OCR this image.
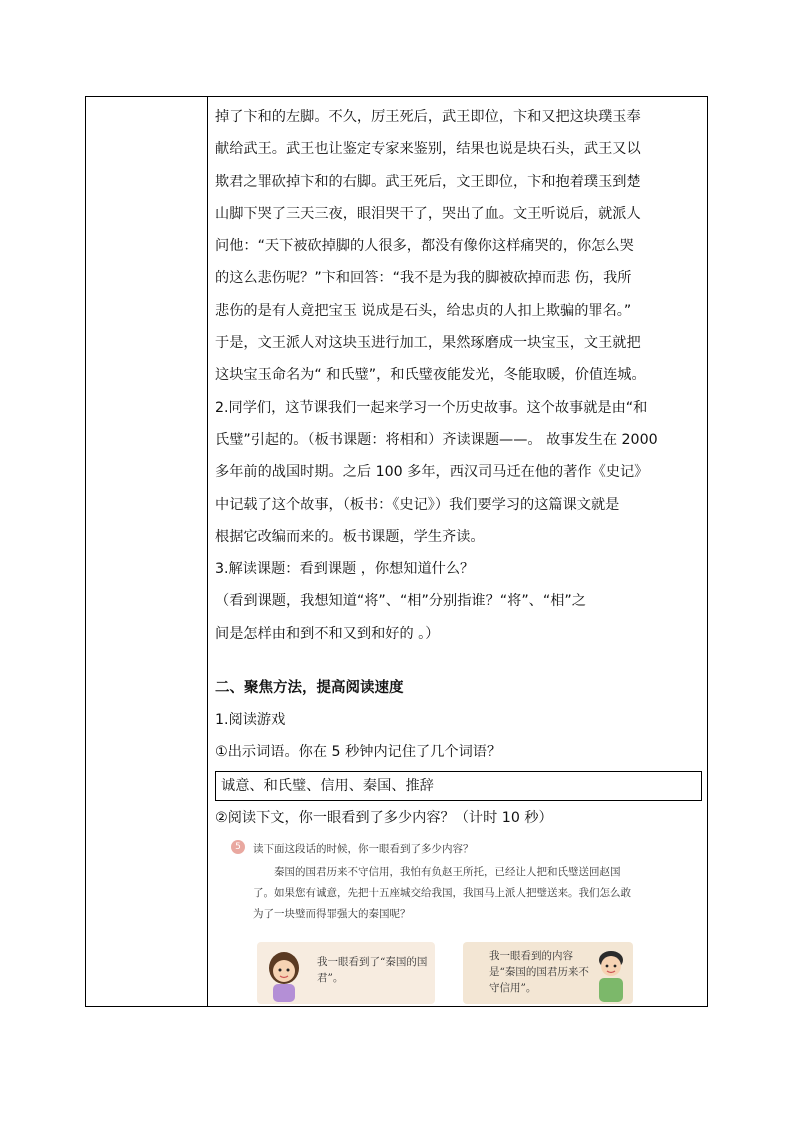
掉了卞和的左脚。不久，厉王死后，武王即位，卞和又把这块璞玉奉
献给武王。武王也让鉴定专家来鉴别，结果也说是块石头，武王又以
欺君之罪砍掉卞和的右脚。武王死后，文王即位，卞和抱着璞玉到楚
山脚下哭了三天三夜，眼泪哭干了，哭出了血。文王听说后，就派人
问他：“天下被砍掉脚的人很多，都没有像你这样痛哭的，你怎么哭
的这么悲伤呢？”卞和回答：“我不是为我的脚被砍掉而悲 伤，我所
悲伤的是有人竟把宝玉 说成是石头，给忠贞的人扣上欺骗的罪名。”
于是，文王派人对这块玉进行加工，果然琢磨成一块宝玉，文王就把
这块宝玉命名为“ 和氏璧”，和氏璧夜能发光，冬能取暖，价值连城。
2.同学们，这节课我们一起来学习一个历史故事。这个故事就是由“和
氏璧”引起的。（板书课题：将相和）齐读课题——。 故事发生在 2000
多年前的战国时期。之后 100 多年，西汉司马迁在他的著作《史记》
中记载了这个故事，（板书：《史记》）我们要学习的这篇课文就是
根据它改编而来的。板书课题，学生齐读。
3.解读课题：看到课题 ，你想知道什么？
（看到课题，我想知道“将”、“相”分别指谁？“将”、“相”之
间是怎样由和到不和又到和好的 。）
二、聚焦方法，提高阅读速度
1.阅读游戏
①出示词语。你在 5 秒钟内记住了几个词语？
诚意、和氏璧、信用、秦国、推辞
②阅读下文，你一眼看到了多少内容？（计时 10 秒）
5	读下面这段话的时候，你一眼看到了多少内容？
秦国的国君历来不守信用，我怕有负赵王所托，已经让人把和氏璧送回赵国了。如果您有诚意，先把十五座城交给我国，我国马上派人把璧送来。我们怎么敢为了一块璧而得罪强大的秦国呢？
我一眼看到了“秦国的国君”。
我一眼看到的内容是“秦国的国君历来不守信用”。
